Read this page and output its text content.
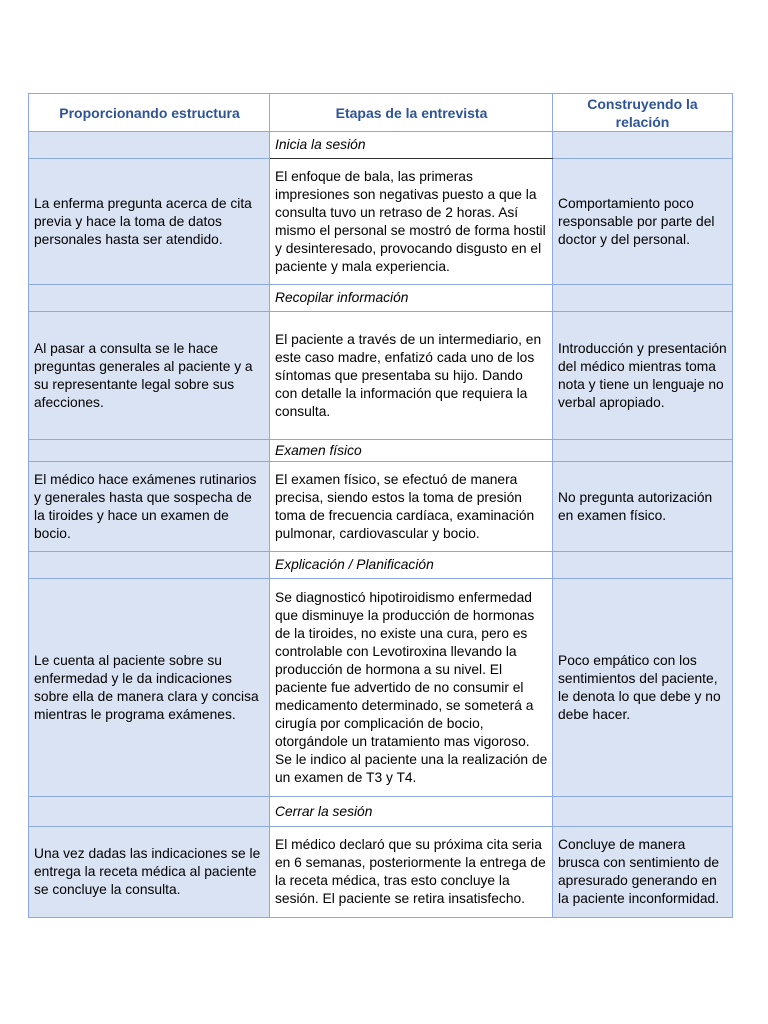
Proporcionando estructura	Etapas de la entrevista	Construyendo la relación
	Inicia la sesión	
La enferma pregunta acerca de cita previa y hace la toma de datos personales hasta ser atendido.	El enfoque de bala, las primeras impresiones son negativas puesto a que la consulta tuvo un retraso de 2 horas. Así mismo el personal se mostró de forma hostil y desinteresado, provocando disgusto en el paciente y mala experiencia.	Comportamiento poco responsable por parte del doctor y del personal.
	Recopilar información	
Al pasar a consulta se le hace preguntas generales al paciente y a su representante legal sobre sus afecciones.	El paciente a través de un intermediario, en este caso madre, enfatizó cada uno de los síntomas que presentaba su hijo. Dando con detalle la información que requiera la consulta.	Introducción y presentación del médico mientras toma nota y tiene un lenguaje no verbal apropiado.
	Examen físico	
El médico hace exámenes rutinarios y generales hasta que sospecha de la tiroides y hace un examen de bocio.	El examen físico, se efectuó de manera precisa, siendo estos la toma de presión toma de frecuencia cardíaca, examinación pulmonar, cardiovascular y bocio.	No pregunta autorización en examen físico.
	Explicación / Planificación	
Le cuenta al paciente sobre su enfermedad y le da indicaciones sobre ella de manera clara y concisa mientras le programa exámenes.	Se diagnosticó hipotiroidismo enfermedad que disminuye la producción de hormonas de la tiroides, no existe una cura, pero es controlable con Levotiroxina llevando la producción de hormona a su nivel. El paciente fue advertido de no consumir el medicamento determinado, se someterá a cirugía por complicación de bocio, otorgándole un tratamiento mas vigoroso. Se le indico al paciente una la realización de un examen de T3 y T4.	Poco empático con los sentimientos del paciente, le denota lo que debe y no debe hacer.
	Cerrar la sesión	
Una vez dadas las indicaciones se le entrega la receta médica al paciente se concluye la consulta.	El médico declaró que su próxima cita seria en 6 semanas, posteriormente la entrega de la receta médica, tras esto concluye la sesión. El paciente se retira insatisfecho.	Concluye de manera brusca con sentimiento de apresurado generando en la paciente inconformidad.
